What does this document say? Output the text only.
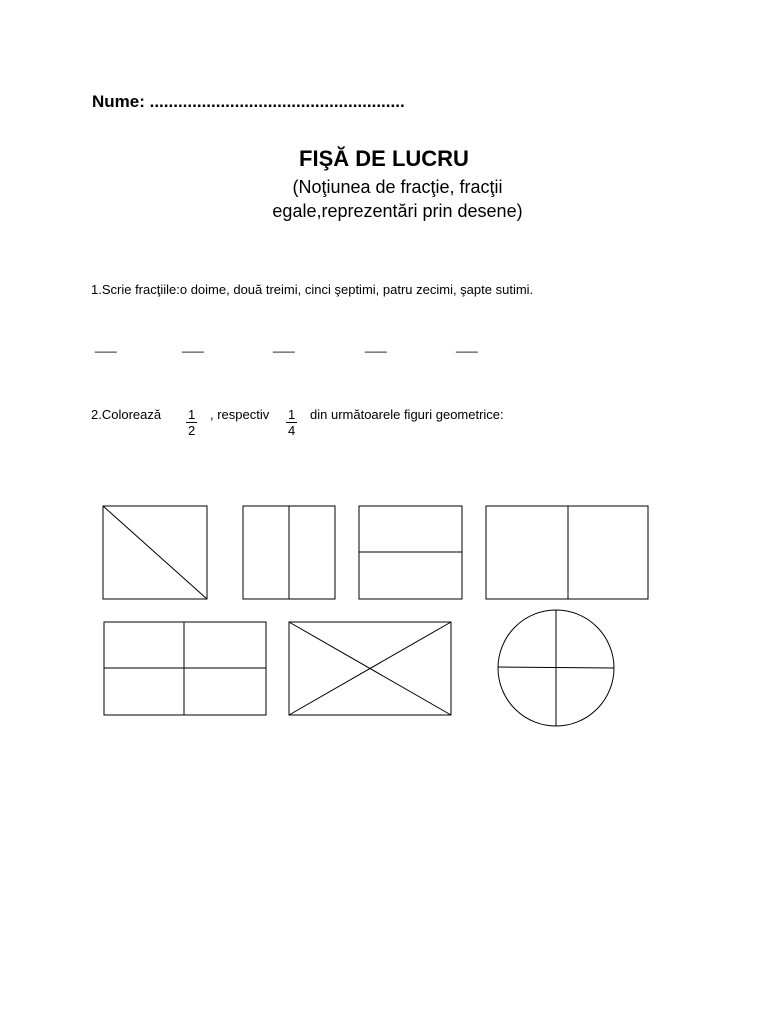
Nume: ......................................................
FIŞĂ DE LUCRU
(Noţiunea de fracţie, fracţii
egale,reprezentări prin desene)
1.Scrie fracţiile:o doime, două treimi, cinci şeptimi, patru zecimi, şapte sutimi.
___	___	___	___	___
2.Colorează $\frac{1}{2}$ , respectiv $\frac{1}{4}$ din următoarele figuri geometrice:
